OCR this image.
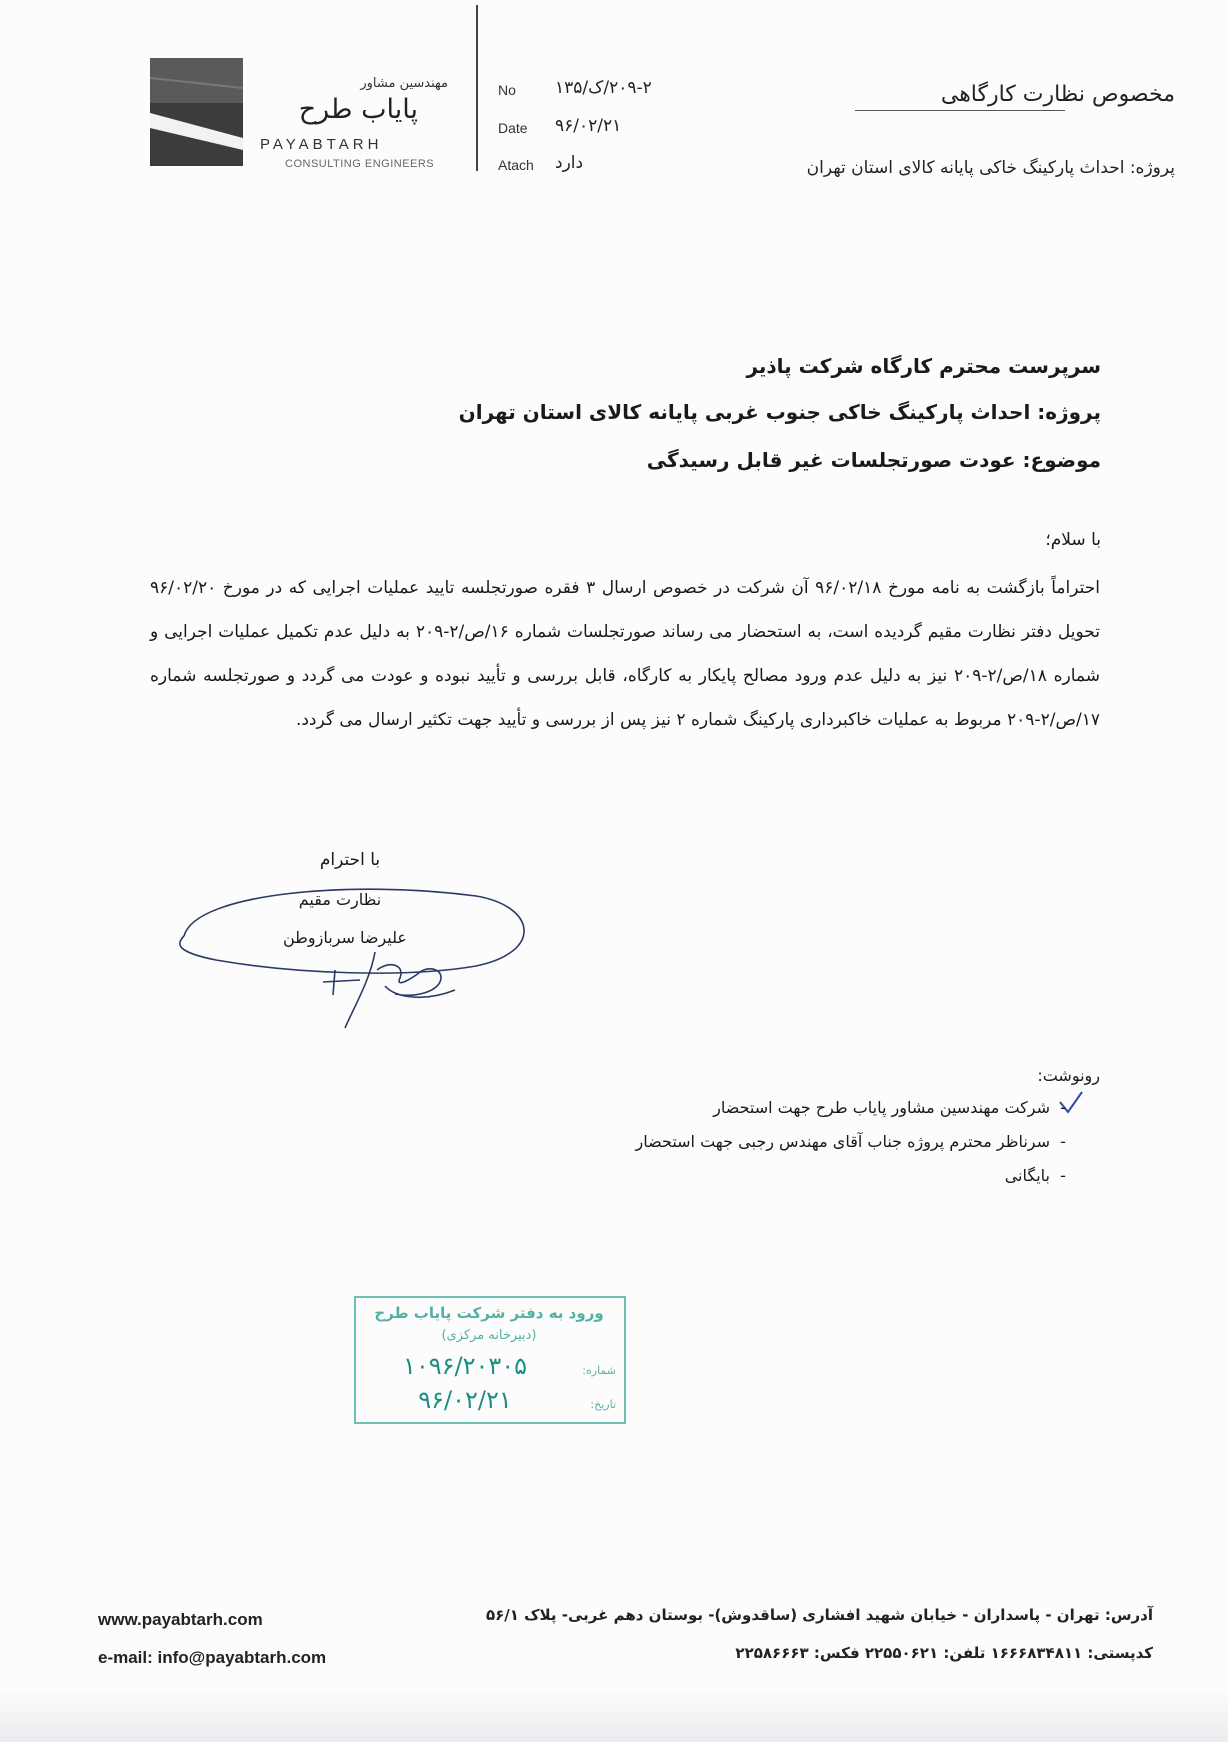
مهندسین مشاور
پایاب طرح
PAYABTARH
CONSULTING ENGINEERS
No ۲۰۹-۲/ک/۱۳۵
Date ۹۶/۰۲/۲۱
Atach دارد
مخصوص نظارت کارگاهی
پروژه: احداث پارکینگ خاکی پایانه کالای استان تهران
سرپرست محترم کارگاه شرکت پاذیر
پروژه: احداث پارکینگ خاکی جنوب غربی پایانه کالای استان تهران
موضوع: عودت صورتجلسات غیر قابل رسیدگی
با سلام؛
احتراماً بازگشت به نامه مورخ ۹۶/۰۲/۱۸ آن شرکت در خصوص ارسال ۳ فقره صورتجلسه تایید عملیات اجرایی که در مورخ ۹۶/۰۲/۲۰ تحویل دفتر نظارت مقیم گردیده است، به استحضار می رساند صورتجلسات شماره ۱۶/ص/۲-۲۰۹ به دلیل عدم تکمیل عملیات اجرایی و شماره ۱۸/ص/۲-۲۰۹ نیز به دلیل عدم ورود مصالح پایکار به کارگاه، قابل بررسی و تأیید نبوده و عودت می گردد و صورتجلسه شماره ۱۷/ص/۲-۲۰۹ مربوط به عملیات خاکبرداری پارکینگ شماره ۲ نیز پس از بررسی و تأیید جهت تکثیر ارسال می گردد.
با احترام
نظارت مقیم
علیرضا سربازوطن
رونوشت:
-
شرکت مهندسین مشاور پایاب طرح جهت استحضار
-
سرناظر محترم پروژه جناب آقای مهندس رجبی جهت استحضار
-
بایگانی
ورود به دفتر شرکت پایاب طرح
(دبیرخانه مرکزی)
شماره:
۱۰۹۶/۲۰۳۰۵
تاریخ:
۹۶/۰۲/۲۱
www.payabtarh.com
e-mail: info@payabtarh.com
آدرس: تهران - پاسداران - خیابان شهید افشاری (ساقدوش)- بوستان دهم غربی- پلاک ۵۶/۱
کدپستی: ۱۶۶۶۸۳۴۸۱۱ تلفن: ۲۲۵۵۰۶۲۱ فکس: ۲۲۵۸۶۶۶۳
